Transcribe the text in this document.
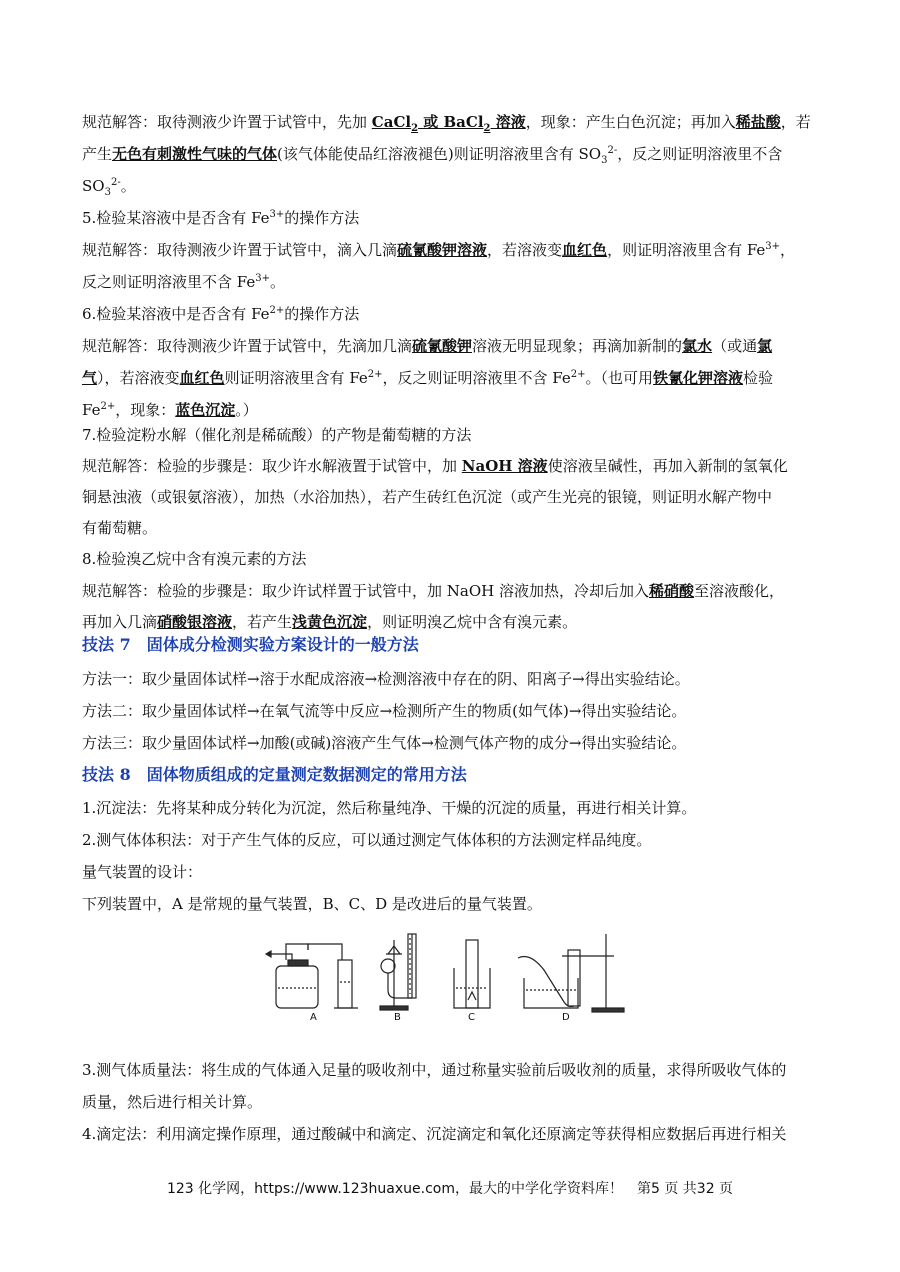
规范解答：取待测液少许置于试管中，先加 CaCl$_2$ 或 BaCl$_2$ 溶液，现象：产生白色沉淀；再加入稀盐酸，若
产生无色有刺激性气味的气体(该气体能使品红溶液褪色)则证明溶液里含有 $SO_3^{2-}$，反之则证明溶液里不含
$SO_3^{2-}$。
5.检验某溶液中是否含有 $Fe^{3+}$的操作方法
规范解答：取待测液少许置于试管中，滴入几滴硫氰酸钾溶液，若溶液变血红色，则证明溶液里含有 $Fe^{3+}$，
反之则证明溶液里不含 $Fe^{3+}$。
6.检验某溶液中是否含有 $Fe^{2+}$的操作方法
规范解答：取待测液少许置于试管中，先滴加几滴硫氰酸钾溶液无明显现象；再滴加新制的氯水（或通氯
气），若溶液变血红色则证明溶液里含有 $Fe^{2+}$，反之则证明溶液里不含 $Fe^{2+}$。（也可用铁氰化钾溶液检验
$Fe^{2+}$，现象：蓝色沉淀。）
7.检验淀粉水解（催化剂是稀硫酸）的产物是葡萄糖的方法
规范解答：检验的步骤是：取少许水解液置于试管中，加 NaOH 溶液使溶液呈碱性，再加入新制的氢氧化
铜悬浊液（或银氨溶液），加热（水浴加热），若产生砖红色沉淀（或产生光亮的银镜，则证明水解产物中
有葡萄糖。
8.检验溴乙烷中含有溴元素的方法
规范解答：检验的步骤是：取少许试样置于试管中，加 NaOH 溶液加热，冷却后加入稀硝酸至溶液酸化，
再加入几滴硝酸银溶液，若产生浅黄色沉淀，则证明溴乙烷中含有溴元素。
技法 7 固体成分检测实验方案设计的一般方法
方法一：取少量固体试样→溶于水配成溶液→检测溶液中存在的阴、阳离子→得出实验结论。
方法二：取少量固体试样→在氧气流等中反应→检测所产生的物质(如气体)→得出实验结论。
方法三：取少量固体试样→加酸(或碱)溶液产生气体→检测气体产物的成分→得出实验结论。
技法 8 固体物质组成的定量测定数据测定的常用方法
1.沉淀法：先将某种成分转化为沉淀，然后称量纯净、干燥的沉淀的质量，再进行相关计算。
2.测气体体积法：对于产生气体的反应，可以通过测定气体体积的方法测定样品纯度。
量气装置的设计：
下列装置中，A 是常规的量气装置，B、C、D 是改进后的量气装置。
A	B	C	D
3.测气体质量法：将生成的气体通入足量的吸收剂中，通过称量实验前后吸收剂的质量，求得所吸收气体的
质量，然后进行相关计算。
4.滴定法：利用滴定操作原理，通过酸碱中和滴定、沉淀滴定和氧化还原滴定等获得相应数据后再进行相关
123 化学网，https://www.123huaxue.com，最大的中学化学资料库！　第5 页 共32 页
